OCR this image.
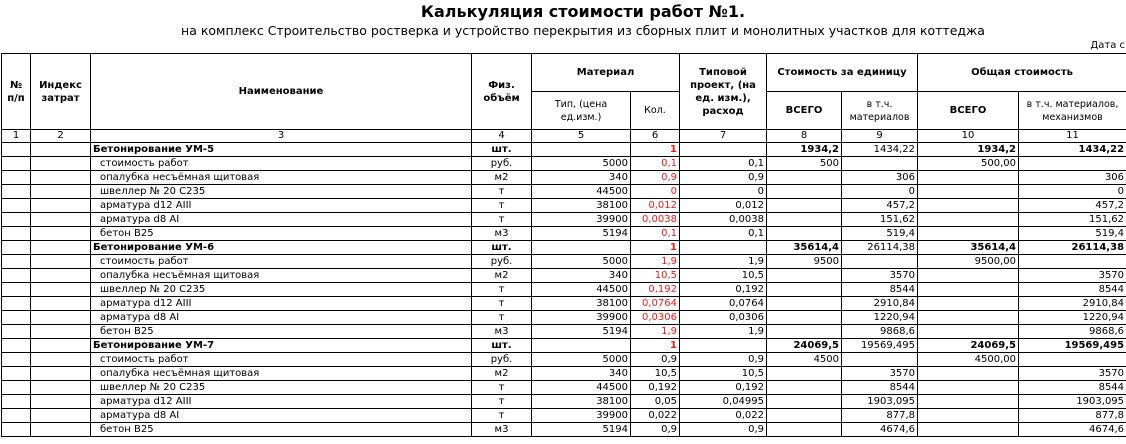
Калькуляция стоимости работ №1.
на комплекс Строительство ростверка и устройство перекрытия из сборных плит и монолитных участков для коттеджа
Дата с
№ п/п	Индекс затрат	Наименование	Физ. объём	Материал		Типовой проект, (на ед. изм.), расход	Стоимость за единицу		Общая стоимость	
				Тип, (цена ед.изм.)	Кол.		ВСЕГО	в т.ч. материалов	ВСЕГО	в т.ч. материалов, механизмов
1	2	3	4	5	6	7	8	9	10	11
		Бетонирование УМ-5	шт.		1		1934,2	1434,22	1934,2	1434,22
		стоимость работ	руб.	5000	0,1	0,1	500		500,00	
		опалубка несъёмная щитовая	м2	340	0,9	0,9		306		306
		швеллер № 20 С235	т	44500	0	0		0		0
		арматура d12 AIII	т	38100	0,012	0,012		457,2		457,2
		арматура d8 AI	т	39900	0,0038	0,0038		151,62		151,62
		бетон В25	м3	5194	0,1	0,1		519,4		519,4
		Бетонирование УМ-6	шт.		1		35614,4	26114,38	35614,4	26114,38
		стоимость работ	руб.	5000	1,9	1,9	9500		9500,00	
		опалубка несъёмная щитовая	м2	340	10,5	10,5		3570		3570
		швеллер № 20 С235	т	44500	0,192	0,192		8544		8544
		арматура d12 AIII	т	38100	0,0764	0,0764		2910,84		2910,84
		арматура d8 AI	т	39900	0,0306	0,0306		1220,94		1220,94
		бетон В25	м3	5194	1,9	1,9		9868,6		9868,6
		Бетонирование УМ-7	шт.		1		24069,5	19569,495	24069,5	19569,495
		стоимость работ	руб.	5000	0,9	0,9	4500		4500,00	
		опалубка несъёмная щитовая	м2	340	10,5	10,5		3570		3570
		швеллер № 20 С235	т	44500	0,192	0,192		8544		8544
		арматура d12 AIII	т	38100	0,05	0,04995		1903,095		1903,095
		арматура d8 AI	т	39900	0,022	0,022		877,8		877,8
		бетон В25	м3	5194	0,9	0,9		4674,6		4674,6
